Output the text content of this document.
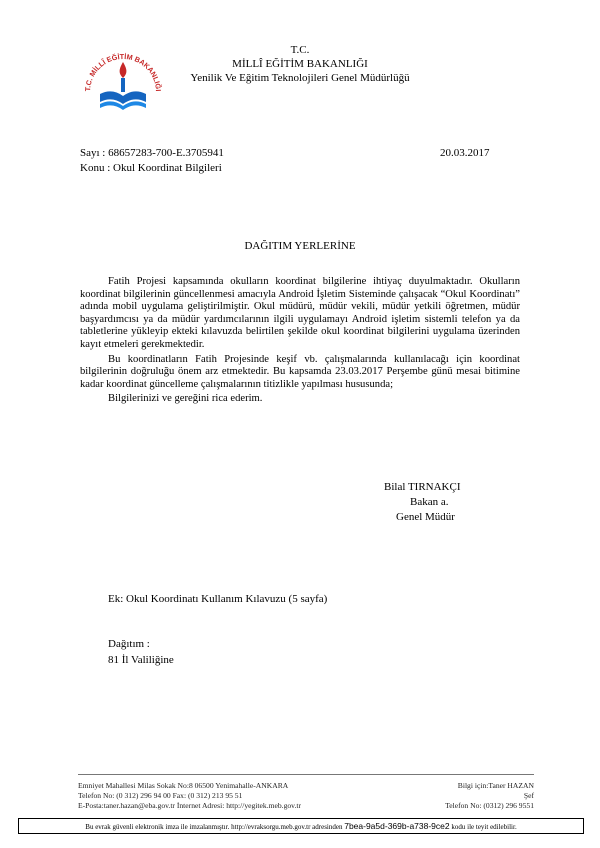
T.C. MİLLÎ EĞİTİM BAKANLIĞI
T.C.
MİLLÎ EĞİTİM BAKANLIĞI
Yenilik Ve Eğitim Teknolojileri Genel Müdürlüğü
Sayı : 68657283-700-E.3705941	20.03.2017
Konu : Okul Koordinat Bilgileri
DAĞITIM YERLERİNE

Fatih Projesi kapsamında okulların koordinat bilgilerine ihtiyaç duyulmaktadır. Okulların koordinat bilgilerinin güncellenmesi amacıyla Android İşletim Sisteminde çalışacak “Okul Koordinatı” adında mobil uygulama geliştirilmiştir. Okul müdürü, müdür vekili, müdür yetkili öğretmen, müdür başyardımcısı ya da müdür yardımcılarının ilgili uygulamayı Android işletim sistemli telefon ya da tabletlerine yükleyip ekteki kılavuzda belirtilen şekilde okul koordinat bilgilerini uygulama üzerinden kayıt etmeleri gerekmektedir.

Bu koordinatların Fatih Projesinde keşif vb. çalışmalarında kullanılacağı için koordinat bilgilerinin doğruluğu önem arz etmektedir. Bu kapsamda 23.03.2017 Perşembe günü mesai bitimine kadar koordinat güncelleme çalışmalarının titizlikle yapılması hususunda;

Bilgilerinizi ve gereğini rica ederim.

Bilal TIRNAKÇI
Bakan a.
Genel Müdür
Ek: Okul Koordinatı Kullanım Kılavuzu (5 sayfa)
Dağıtım :
81 İl Valiliğine
Emniyet Mahallesi Milas Sokak No:8 06500 Yenimahalle-ANKARA
Telefon No: (0 312) 296 94 00 Fax: (0 312) 213 95 51
E-Posta:taner.hazan@eba.gov.tr İnternet Adresi: http://yegitek.meb.gov.tr
Bilgi için:Taner HAZAN
Şef
Telefon No: (0312) 296 9551
Bu evrak güvenli elektronik imza ile imzalanmıştır. http://evraksorgu.meb.gov.tr adresinden 7bea-9a5d-369b-a738-9ce2 kodu ile teyit edilebilir.
